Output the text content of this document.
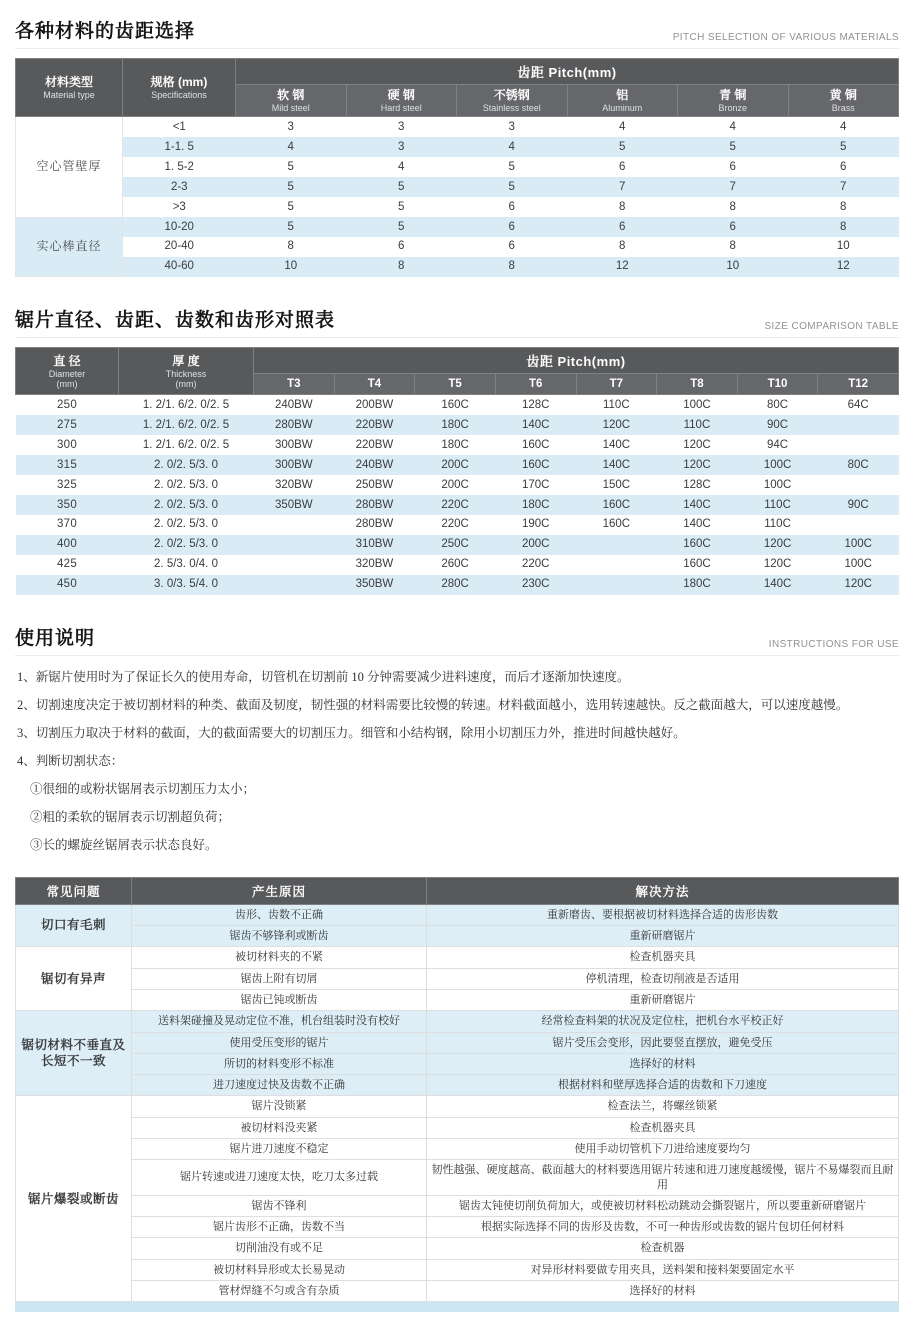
各种材料的齿距选择	PITCH SELECTION OF VARIOUS MATERIALS
材料类型
Material type

规格 (mm)
Specifications
	齿距 Pitch(mm)

软 钢
Mild steel

硬 钢
Hard steel

不锈钢
Stainless steel

铝
Aluminum

青 铜
Bronze

黄 铜
Brass

空心管壁厚	<1	3	3	3	4	4	4
	1-1. 5	4	3	4	5	5	5
	1. 5-2	5	4	5	6	6	6
	2-3	5	5	5	7	7	7
	>3	5	5	6	8	8	8
实心棒直径	10-20	5	5	6	6	6	8
	20-40	8	6	6	8	8	10
	40-60	10	8	8	12	10	12
锯片直径、齿距、齿数和齿形对照表	SIZE COMPARISON TABLE
直 径
Diameter
(mm)

厚 度
Thickness
(mm)
	齿距 Pitch(mm)
		T3	T4	T5	T6	T7	T8	T10	T12
250	1. 2/1. 6/2. 0/2. 5	240BW	200BW	160C	128C	110C	100C	80C	64C
275	1. 2/1. 6/2. 0/2. 5	280BW	220BW	180C	140C	120C	110C	90C	
300	1. 2/1. 6/2. 0/2. 5	300BW	220BW	180C	160C	140C	120C	94C	
315	2. 0/2. 5/3. 0	300BW	240BW	200C	160C	140C	120C	100C	80C
325	2. 0/2. 5/3. 0	320BW	250BW	200C	170C	150C	128C	100C	
350	2. 0/2. 5/3. 0	350BW	280BW	220C	180C	160C	140C	110C	90C
370	2. 0/2. 5/3. 0		280BW	220C	190C	160C	140C	110C	
400	2. 0/2. 5/3. 0		310BW	250C	200C		160C	120C	100C
425	2. 5/3. 0/4. 0		320BW	260C	220C		160C	120C	100C
450	3. 0/3. 5/4. 0		350BW	280C	230C		180C	140C	120C
使用说明	INSTRUCTIONS FOR USE

1、新锯片使用时为了保证长久的使用寿命，切管机在切割前 10 分钟需要减少进料速度，而后才逐渐加快速度。

2、切割速度决定于被切割材料的种类、截面及韧度，韧性强的材料需要比较慢的转速。材料截面越小，选用转速越快。反之截面越大，可以速度越慢。

3、切割压力取决于材料的截面，大的截面需要大的切割压力。细管和小结构钢，除用小切割压力外，推进时间越快越好。

4、判断切割状态：

①很细的或粉状锯屑表示切割压力太小；

②粗的柔软的锯屑表示切割超负荷；

③长的螺旋丝锯屑表示状态良好。

常见问题	产生原因	解决方法
切口有毛刺	齿形、齿数不正确	重新磨齿、要根据被切材料选择合适的齿形齿数
	锯齿不够锋利或断齿	重新研磨锯片
锯切有异声	被切材料夹的不紧	检查机器夹具
	锯齿上附有切屑	停机清理，检查切削液是否适用
	锯齿已钝或断齿	重新研磨锯片
锯切材料不垂直及长短不一致	送料架碰撞及晃动定位不准，机台组装时没有校好	经常检查料架的状况及定位柱，把机台水平校正好
	使用受压变形的锯片	锯片受压会变形，因此要竖直摆放，避免受压
	所切的材料变形不标准	选择好的材料
	进刀速度过快及齿数不正确	根据材料和壁厚选择合适的齿数和下刀速度
锯片爆裂或断齿	锯片没锁紧	检查法兰，将螺丝锁紧
	被切材料没夹紧	检查机器夹具
	锯片进刀速度不稳定	使用手动切管机下刀进给速度要均匀
	锯片转速或进刀速度太快，吃刀太多过载	韧性越强、硬度越高、截面越大的材料要选用锯片转速和进刀速度越缓慢，锯片不易爆裂而且耐用
	锯齿不锋利	锯齿太钝使切削负荷加大，或使被切材料松动跳动会撕裂锯片，所以要重新研磨锯片
	锯片齿形不正确，齿数不当	根据实际选择不同的齿形及齿数，不可一种齿形或齿数的锯片包切任何材料
	切削油没有或不足	检查机器
	被切材料异形或太长易晃动	对异形材料要做专用夹具，送料架和接料架要固定水平
	管材焊缝不匀或含有杂质	选择好的材料
